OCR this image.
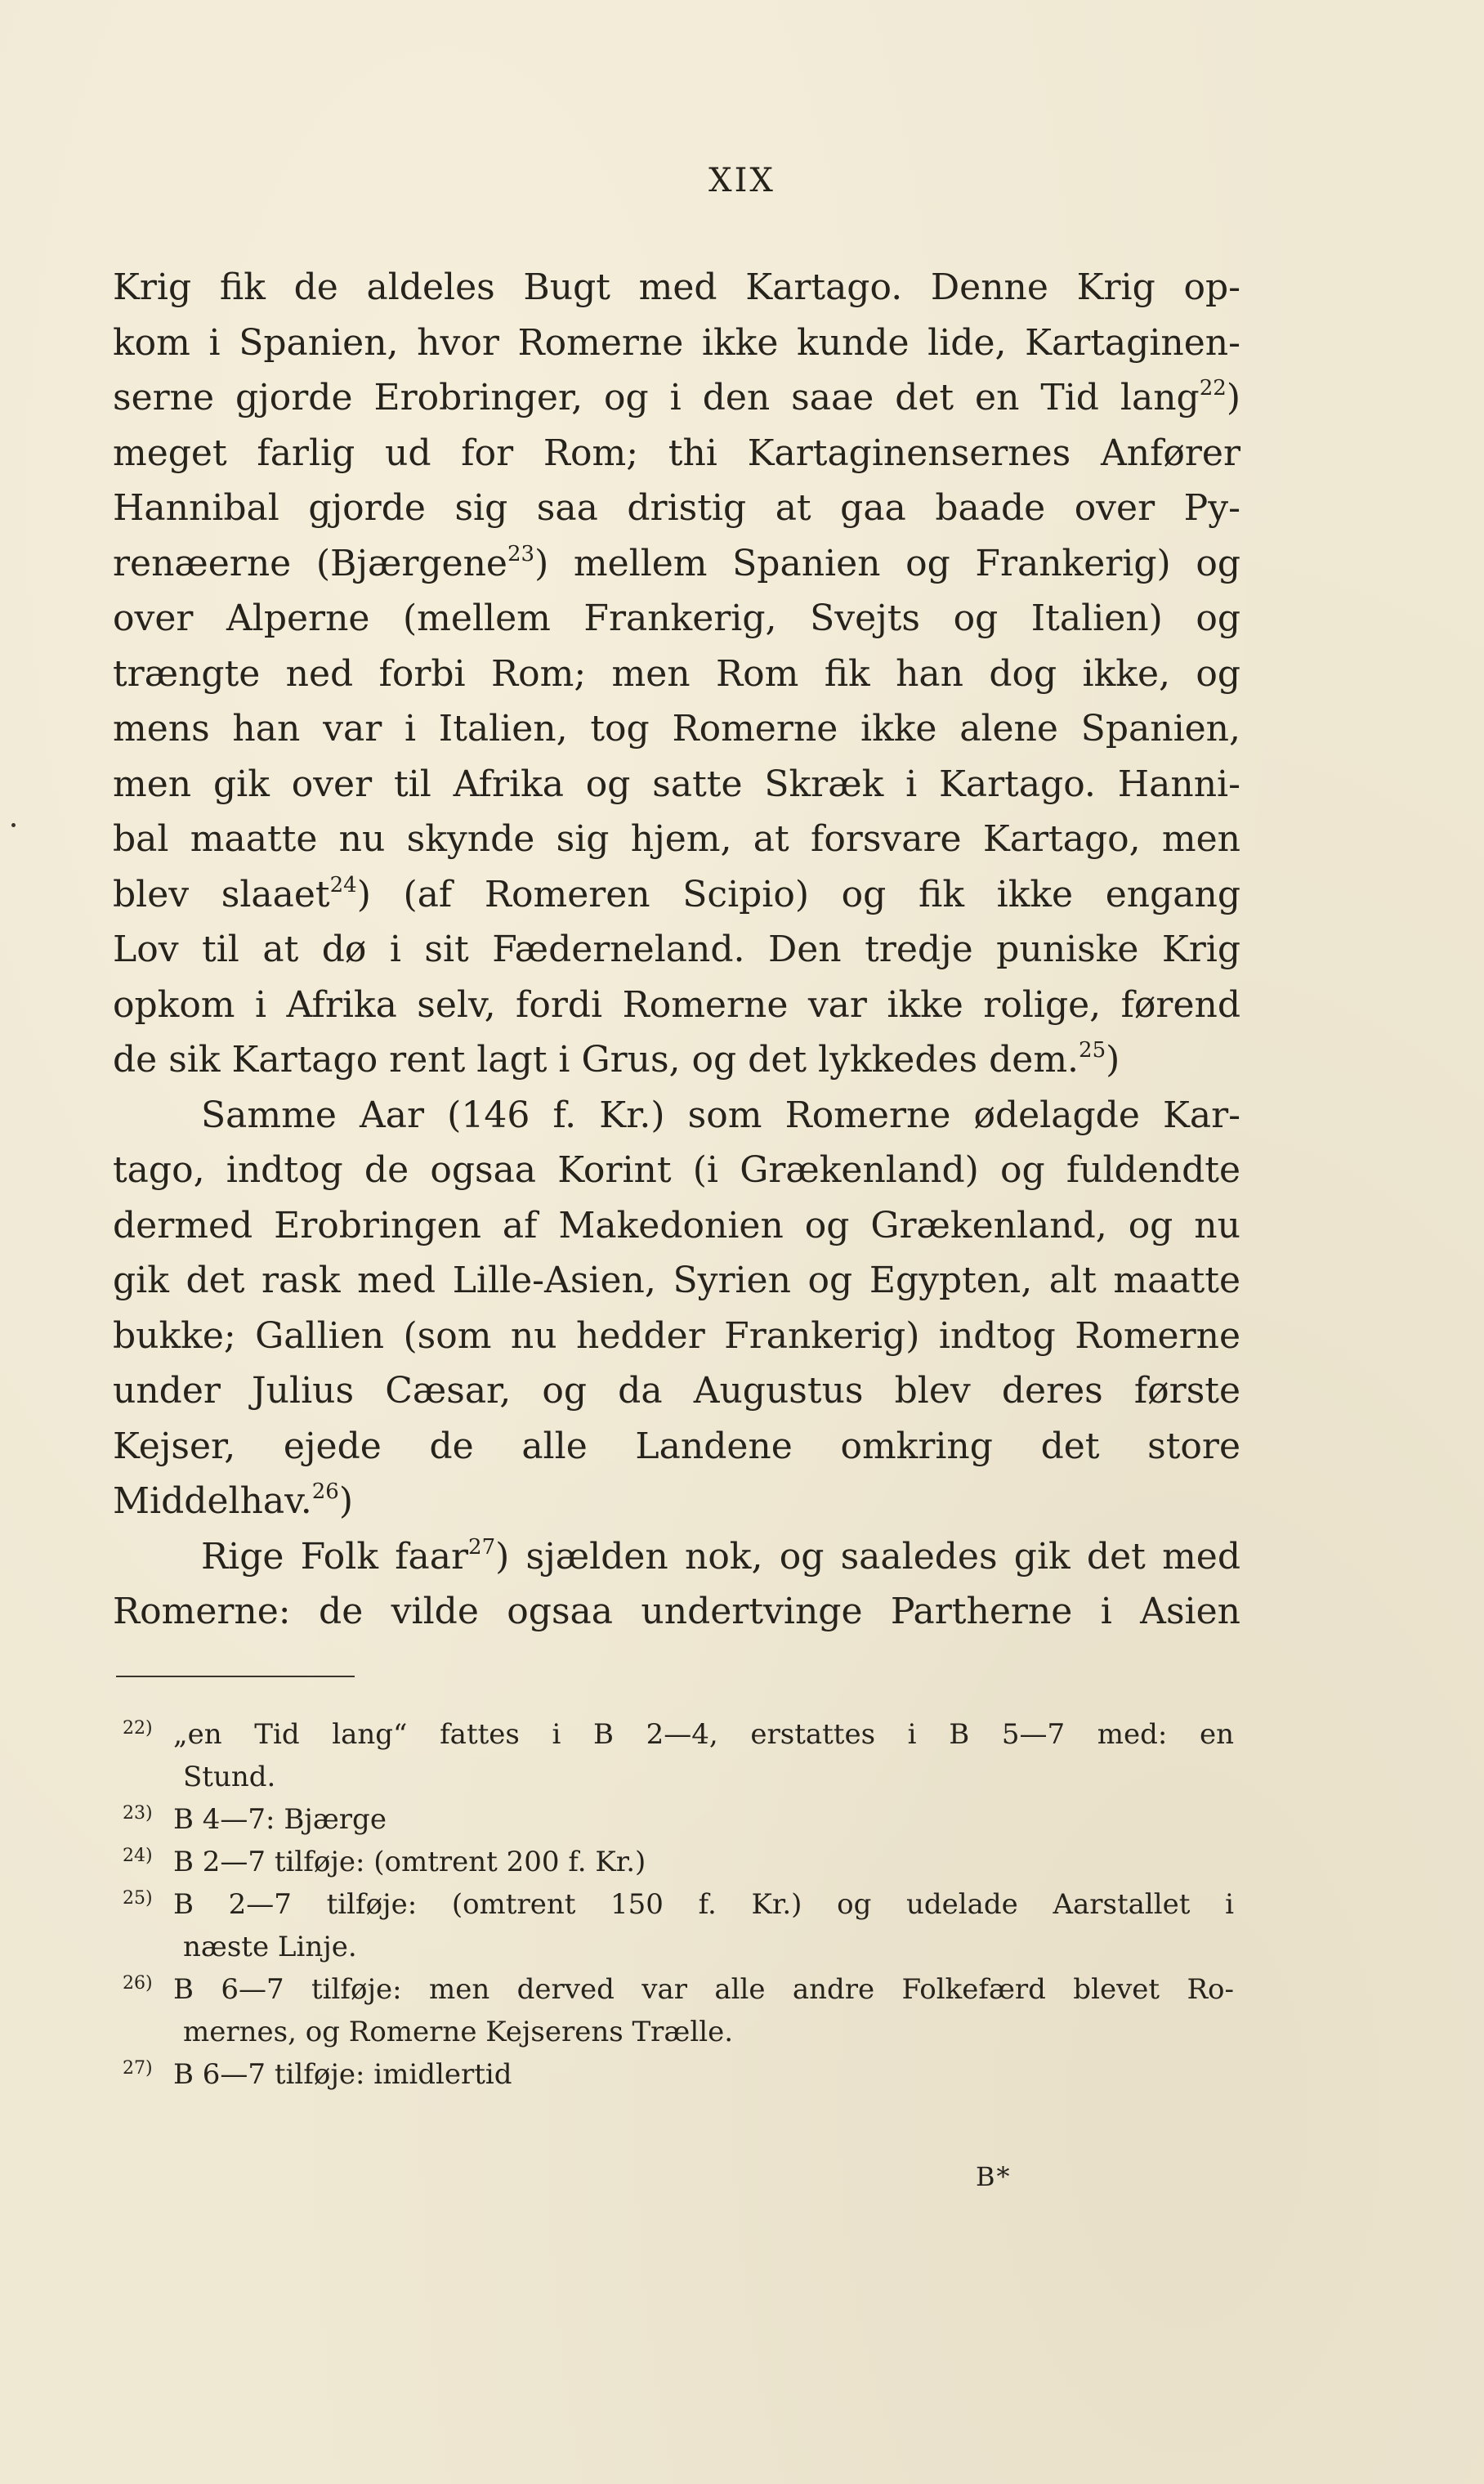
XIX
Krig fik de aldeles Bugt med Kartago. Denne Krig op-
kom i Spanien, hvor Romerne ikke kunde lide, Kartaginen-
serne gjorde Erobringer, og i den saae det en Tid lang$^{22}$)
meget farlig ud for Rom; thi Kartaginensernes Anfører
Hannibal gjorde sig saa dristig at gaa baade over Py-
renæerne (Bjærgene$^{23}$) mellem Spanien og Frankerig) og
over Alperne (mellem Frankerig, Svejts og Italien) og
trængte ned forbi Rom; men Rom fik han dog ikke, og
mens han var i Italien, tog Romerne ikke alene Spanien,
men gik over til Afrika og satte Skræk i Kartago. Hanni-
bal maatte nu skynde sig hjem, at forsvare Kartago, men
blev slaaet$^{24}$) (af Romeren Scipio) og fik ikke engang
Lov til at dø i sit Fæderneland. Den tredje puniske Krig
opkom i Afrika selv, fordi Romerne var ikke rolige, førend
de sik Kartago rent lagt i Grus, og det lykkedes dem.$^{25}$)
Samme Aar (146 f. Kr.) som Romerne ødelagde Kar-
tago, indtog de ogsaa Korint (i Grækenland) og fuldendte
dermed Erobringen af Makedonien og Grækenland, og nu
gik det rask med Lille-Asien, Syrien og Egypten, alt maatte
bukke; Gallien (som nu hedder Frankerig) indtog Romerne
under Julius Cæsar, og da Augustus blev deres første
Kejser, ejede de alle Landene omkring det store
Middelhav.$^{26}$)
Rige Folk faar$^{27}$) sjælden nok, og saaledes gik det med
Romerne: de vilde ogsaa undertvinge Partherne i Asien
22) „en Tid lang“ fattes i B 2—4, erstattes i B 5—7 med: en
Stund.
23) B 4—7: Bjærge
24) B 2—7 tilføje: (omtrent 200 f. Kr.)
25) B 2—7 tilføje: (omtrent 150 f. Kr.) og udelade Aarstallet i
næste Linje.
26) B 6—7 tilføje: men derved var alle andre Folkefærd blevet Ro-
mernes, og Romerne Kejserens Trælle.
27) B 6—7 tilføje: imidlertid
B*
